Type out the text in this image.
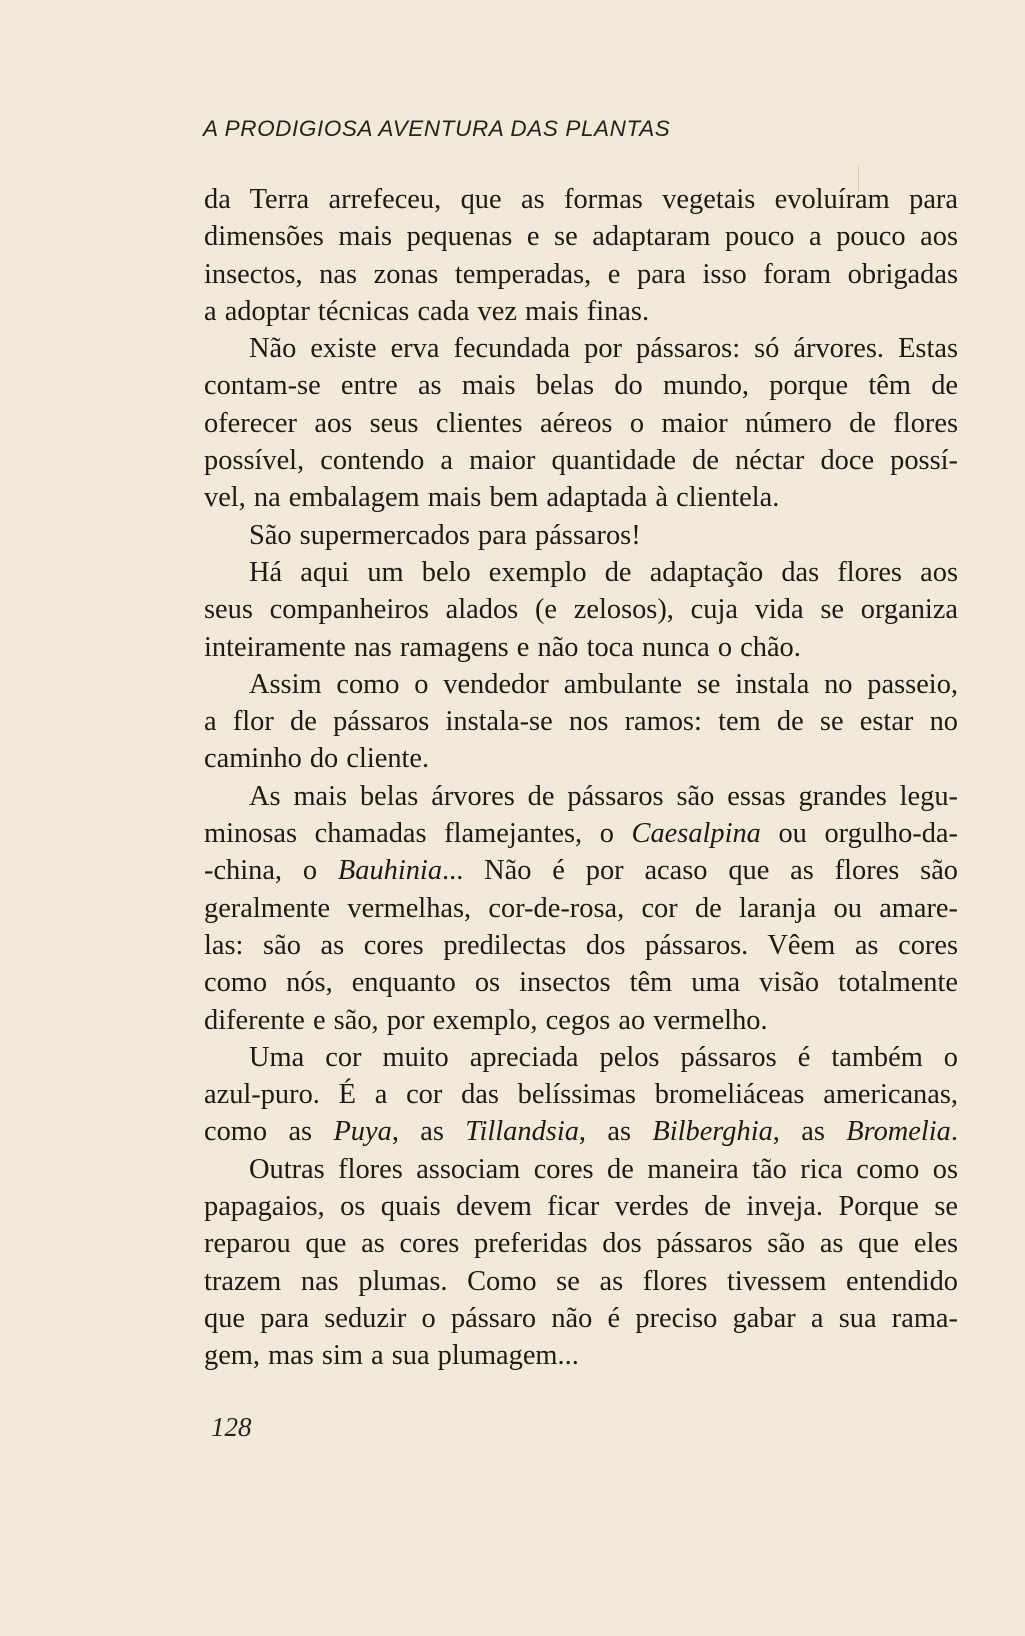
A PRODIGIOSA AVENTURA DAS PLANTAS
da Terra arrefeceu, que as formas vegetais evoluíram para
dimensões mais pequenas e se adaptaram pouco a pouco aos
insectos, nas zonas temperadas, e para isso foram obrigadas
a adoptar técnicas cada vez mais finas.
Não existe erva fecundada por pássaros: só árvores. Estas
contam-se entre as mais belas do mundo, porque têm de
oferecer aos seus clientes aéreos o maior número de flores
possível, contendo a maior quantidade de néctar doce possí-
vel, na embalagem mais bem adaptada à clientela.
São supermercados para pássaros!
Há aqui um belo exemplo de adaptação das flores aos
seus companheiros alados (e zelosos), cuja vida se organiza
inteiramente nas ramagens e não toca nunca o chão.
Assim como o vendedor ambulante se instala no passeio,
a flor de pássaros instala-se nos ramos: tem de se estar no
caminho do cliente.
As mais belas árvores de pássaros são essas grandes legu-
minosas chamadas flamejantes, o Caesalpina ou orgulho-da-
-china, o Bauhinia... Não é por acaso que as flores são
geralmente vermelhas, cor-de-rosa, cor de laranja ou amare-
las: são as cores predilectas dos pássaros. Vêem as cores
como nós, enquanto os insectos têm uma visão totalmente
diferente e são, por exemplo, cegos ao vermelho.
Uma cor muito apreciada pelos pássaros é também o
azul-puro. É a cor das belíssimas bromeliáceas americanas,
como as Puya, as Tillandsia, as Bilberghia, as Bromelia.
Outras flores associam cores de maneira tão rica como os
papagaios, os quais devem ficar verdes de inveja. Porque se
reparou que as cores preferidas dos pássaros são as que eles
trazem nas plumas. Como se as flores tivessem entendido
que para seduzir o pássaro não é preciso gabar a sua rama-
gem, mas sim a sua plumagem...
128
